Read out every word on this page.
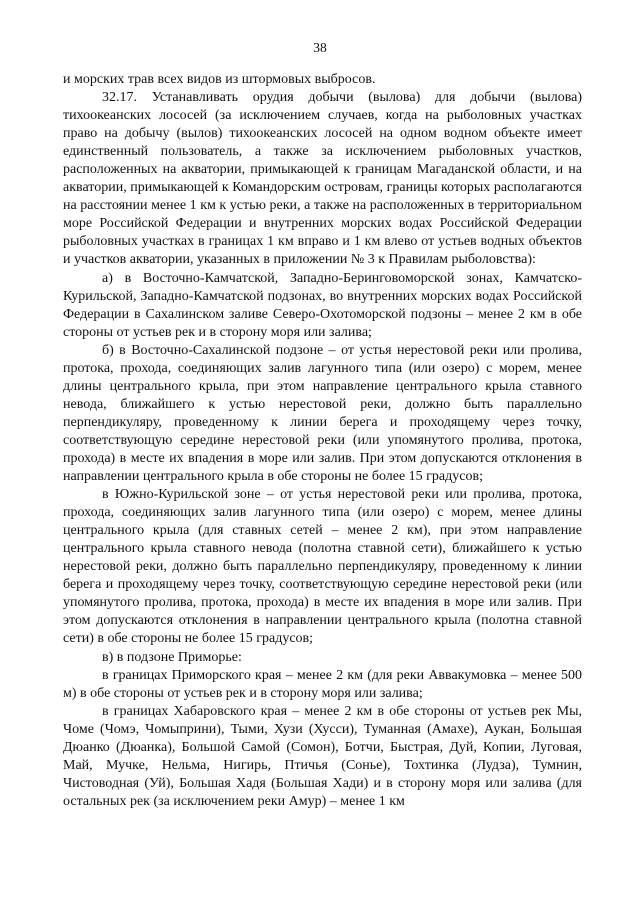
38

и морских трав всех видов из штормовых выбросов.

32.17. Устанавливать орудия добычи (вылова) для добычи (вылова) тихоокеанских лососей (за исключением случаев, когда на рыболовных участках право на добычу (вылов) тихоокеанских лососей на одном водном объекте имеет единственный пользователь, а также за исключением рыболовных участков, расположенных на акватории, примыкающей к границам Магаданской области, и на акватории, примыкающей к Командорским островам, границы которых располагаются на расстоянии менее 1 км к устью реки, а также на расположенных в территориальном море Российской Федерации и внутренних морских водах Российской Федерации рыболовных участках в границах 1 км вправо и 1 км влево от устьев водных объектов и участков акватории, указанных в приложении № 3 к Правилам рыболовства):

а) в Восточно-Камчатской, Западно-Беринговоморской зонах, Камчатско-Курильской, Западно-Камчатской подзонах, во внутренних морских водах Российской Федерации в Сахалинском заливе Северо-Охотоморской подзоны – менее 2 км в обе стороны от устьев рек и в сторону моря или залива;

б) в Восточно-Сахалинской подзоне – от устья нерестовой реки или пролива, протока, прохода, соединяющих залив лагунного типа (или озеро) с морем, менее длины центрального крыла, при этом направление центрального крыла ставного невода, ближайшего к устью нерестовой реки, должно быть параллельно перпендикуляру, проведенному к линии берега и проходящему через точку, соответствующую середине нерестовой реки (или упомянутого пролива, протока, прохода) в месте их впадения в море или залив. При этом допускаются отклонения в направлении центрального крыла в обе стороны не более 15 градусов;

в Южно-Курильской зоне – от устья нерестовой реки или пролива, протока, прохода, соединяющих залив лагунного типа (или озеро) с морем, менее длины центрального крыла (для ставных сетей – менее 2 км), при этом направление центрального крыла ставного невода (полотна ставной сети), ближайшего к устью нерестовой реки, должно быть параллельно перпендикуляру, проведенному к линии берега и проходящему через точку, соответствующую середине нерестовой реки (или упомянутого пролива, протока, прохода) в месте их впадения в море или залив. При этом допускаются отклонения в направлении центрального крыла (полотна ставной сети) в обе стороны не более 15 градусов;

в) в подзоне Приморье:

в границах Приморского края – менее 2 км (для реки Аввакумовка – менее 500 м) в обе стороны от устьев рек и в сторону моря или залива;

в границах Хабаровского края – менее 2 км в обе стороны от устьев рек Мы, Чоме (Чомэ, Чомыприни), Тыми, Хузи (Хусси), Туманная (Амахе), Аукан, Большая Дюанко (Дюанка), Большой Самой (Сомон), Ботчи, Быстрая, Дуй, Копии, Луговая, Май, Мучке, Нельма, Нигирь, Птичья (Сонье), Тохтинка (Лудза), Тумнин, Чистоводная (Уй), Большая Хадя (Большая Хади) и в сторону моря или залива (для остальных рек (за исключением реки Амур) – менее 1 км
